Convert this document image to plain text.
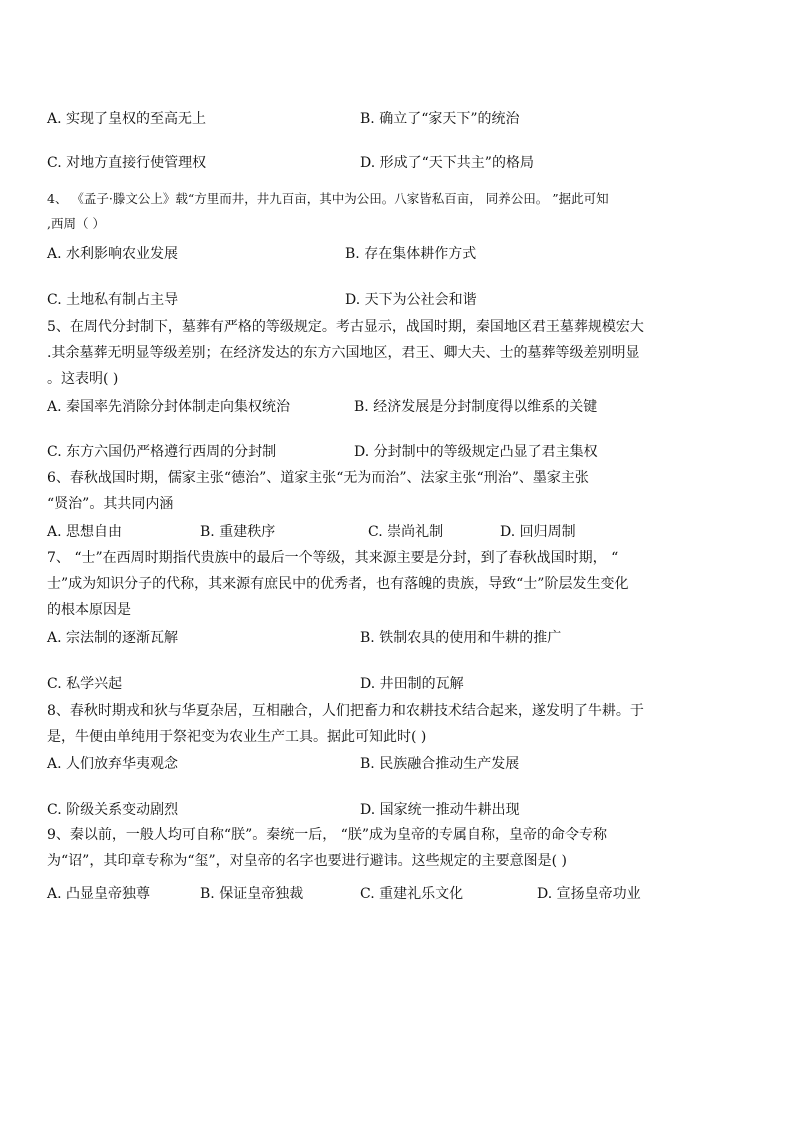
A. 实现了皇权的至高无上	B. 确立了“家天下”的统治
C. 对地方直接行使管理权	D. 形成了“天下共主”的格局
4、 《孟子·滕文公上》载“方里而井，井九百亩，其中为公田。八家皆私百亩， 同养公田。 ”据此可知
,西周（ ）
A. 水利影响农业发展	B. 存在集体耕作方式
C. 土地私有制占主导	D. 天下为公社会和谐
5、在周代分封制下，墓葬有严格的等级规定。考古显示，战国时期，秦国地区君王墓葬规模宏大
.其余墓葬无明显等级差别；在经济发达的东方六国地区，君王、卿大夫、士的墓葬等级差别明显
。这表明( )
A. 秦国率先消除分封体制走向集权统治	B. 经济发展是分封制度得以维系的关键
C. 东方六国仍严格遵行西周的分封制	D. 分封制中的等级规定凸显了君主集权
6、春秋战国时期，儒家主张“德治”、道家主张“无为而治”、法家主张“刑治”、墨家主张
“贤治”。其共同内涵
A. 思想自由	B. 重建秩序	C. 崇尚礼制	D. 回归周制
7、 “士”在西周时期指代贵族中的最后一个等级，其来源主要是分封，到了春秋战国时期， “
士”成为知识分子的代称，其来源有庶民中的优秀者，也有落魄的贵族，导致“士”阶层发生变化
的根本原因是
A. 宗法制的逐渐瓦解	B. 铁制农具的使用和牛耕的推广
C. 私学兴起	D. 井田制的瓦解
8、春秋时期戎和狄与华夏杂居，互相融合，人们把畜力和农耕技术结合起来，遂发明了牛耕。于
是，牛便由单纯用于祭祀变为农业生产工具。据此可知此时( )
A. 人们放弃华夷观念	B. 民族融合推动生产发展
C. 阶级关系变动剧烈	D. 国家统一推动牛耕出现
9、秦以前，一般人均可自称“朕”。秦统一后， “朕”成为皇帝的专属自称，皇帝的命令专称
为“诏”，其印章专称为“玺”，对皇帝的名字也要进行避讳。这些规定的主要意图是( )
A. 凸显皇帝独尊	B. 保证皇帝独裁	C. 重建礼乐文化	D. 宣扬皇帝功业
